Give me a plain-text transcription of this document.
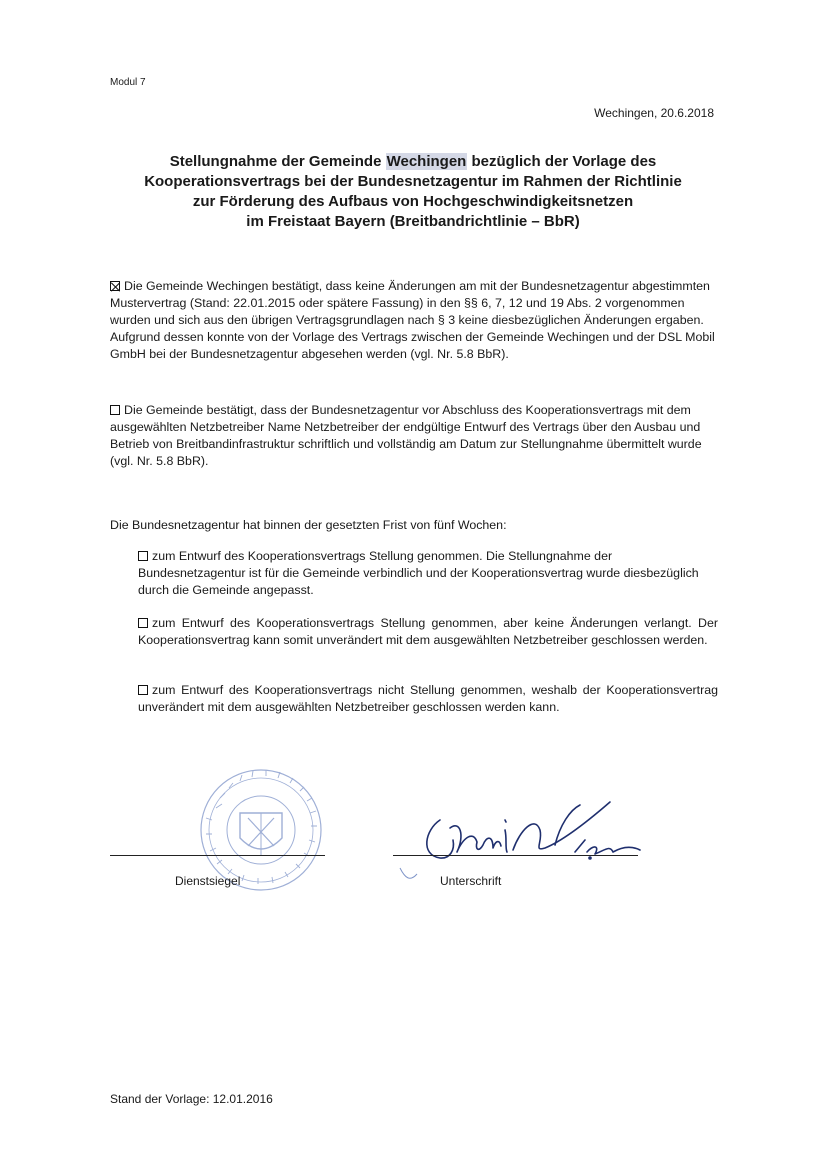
Modul 7
Wechingen, 20.6.2018
Stellungnahme der Gemeinde Wechingen bezüglich der Vorlage des
Kooperationsvertrags bei der Bundesnetzagentur im Rahmen der Richtlinie
zur Förderung des Aufbaus von Hochgeschwindigkeitsnetzen
im Freistaat Bayern (Breitbandrichtlinie – BbR)
Die Gemeinde Wechingen bestätigt, dass keine Änderungen am mit der Bundesnetzagentur abgestimmten Mustervertrag (Stand: 22.01.2015 oder spätere Fassung) in den §§ 6, 7, 12 und 19 Abs. 2 vorgenommen wurden und sich aus den übrigen Vertragsgrundlagen nach § 3 keine diesbezüglichen Änderungen ergaben. Aufgrund dessen konnte von der Vorlage des Vertrags zwischen der Gemeinde Wechingen und der DSL Mobil GmbH bei der Bundesnetzagentur abgesehen werden (vgl. Nr. 5.8 BbR).
Die Gemeinde bestätigt, dass der Bundesnetzagentur vor Abschluss des Kooperationsvertrags mit dem ausgewählten Netzbetreiber Name Netzbetreiber der endgültige Entwurf des Vertrags über den Ausbau und Betrieb von Breitbandinfrastruktur schriftlich und vollständig am Datum zur Stellungnahme übermittelt wurde (vgl. Nr. 5.8 BbR).
Die Bundesnetzagentur hat binnen der gesetzten Frist von fünf Wochen:
zum Entwurf des Kooperationsvertrags Stellung genommen. Die Stellungnahme der Bundesnetzagentur ist für die Gemeinde verbindlich und der Kooperationsvertrag wurde diesbezüglich durch die Gemeinde angepasst.
zum Entwurf des Kooperationsvertrags Stellung genommen, aber keine Änderungen verlangt. Der Kooperationsvertrag kann somit unverändert mit dem ausgewählten Netzbetreiber geschlossen werden.
zum Entwurf des Kooperationsvertrags nicht Stellung genommen, weshalb der Kooperationsvertrag unverändert mit dem ausgewählten Netzbetreiber geschlossen werden kann.
Dienstsiegel	Unterschrift
Stand der Vorlage: 12.01.2016
